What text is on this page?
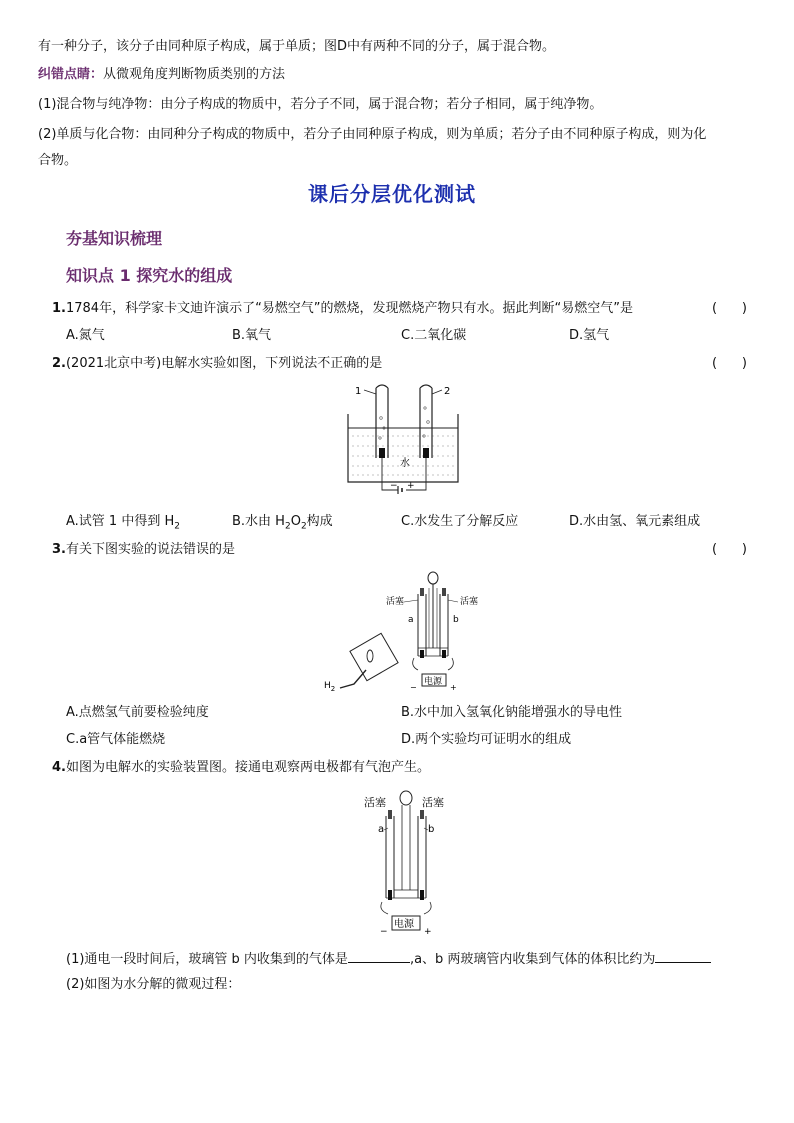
有一种分子，该分子由同种原子构成，属于单质；图D中有两种不同的分子，属于混合物。
纠错点睛：从微观角度判断物质类别的方法
(1)混合物与纯净物：由分子构成的物质中，若分子不同，属于混合物；若分子相同，属于纯净物。
(2)单质与化合物：由同种分子构成的物质中，若分子由同种原子构成，则为单质；若分子由不同种原子构成，则为化
合物。
课后分层优化测试
夯基知识梳理
知识点 1 探究水的组成
1.1784年，科学家卡文迪许演示了“易燃空气”的燃烧，发现燃烧产物只有水。据此判断“易燃空气”是	(      )
A.氮气	B.氧气	C.二氧化碳	D.氢气
2.(2021北京中考)电解水实验如图，下列说法不正确的是	(      )
1	2
水
− +
A.试管 1 中得到 $H_2$	B.水由 $H_2O_2$构成	C.水发生了分解反应	D.水由氢、氧元素组成
3.有关下图实验的说法错误的是	(      )
$H_2$
电源
−	+
活塞	活塞
a	b
A.点燃氢气前要检验纯度	B.水中加入氢氧化钠能增强水的导电性
C.a管气体能燃烧	D.两个实验均可证明水的组成
4.如图为电解水的实验装置图。接通电观察两电极都有气泡产生。
电源
−	+
活塞	活塞
a	b
(1)通电一段时间后，玻璃管 b 内收集到的气体是	,a、b 两玻璃管内收集到气体的体积比约为
(2)如图为水分解的微观过程：
